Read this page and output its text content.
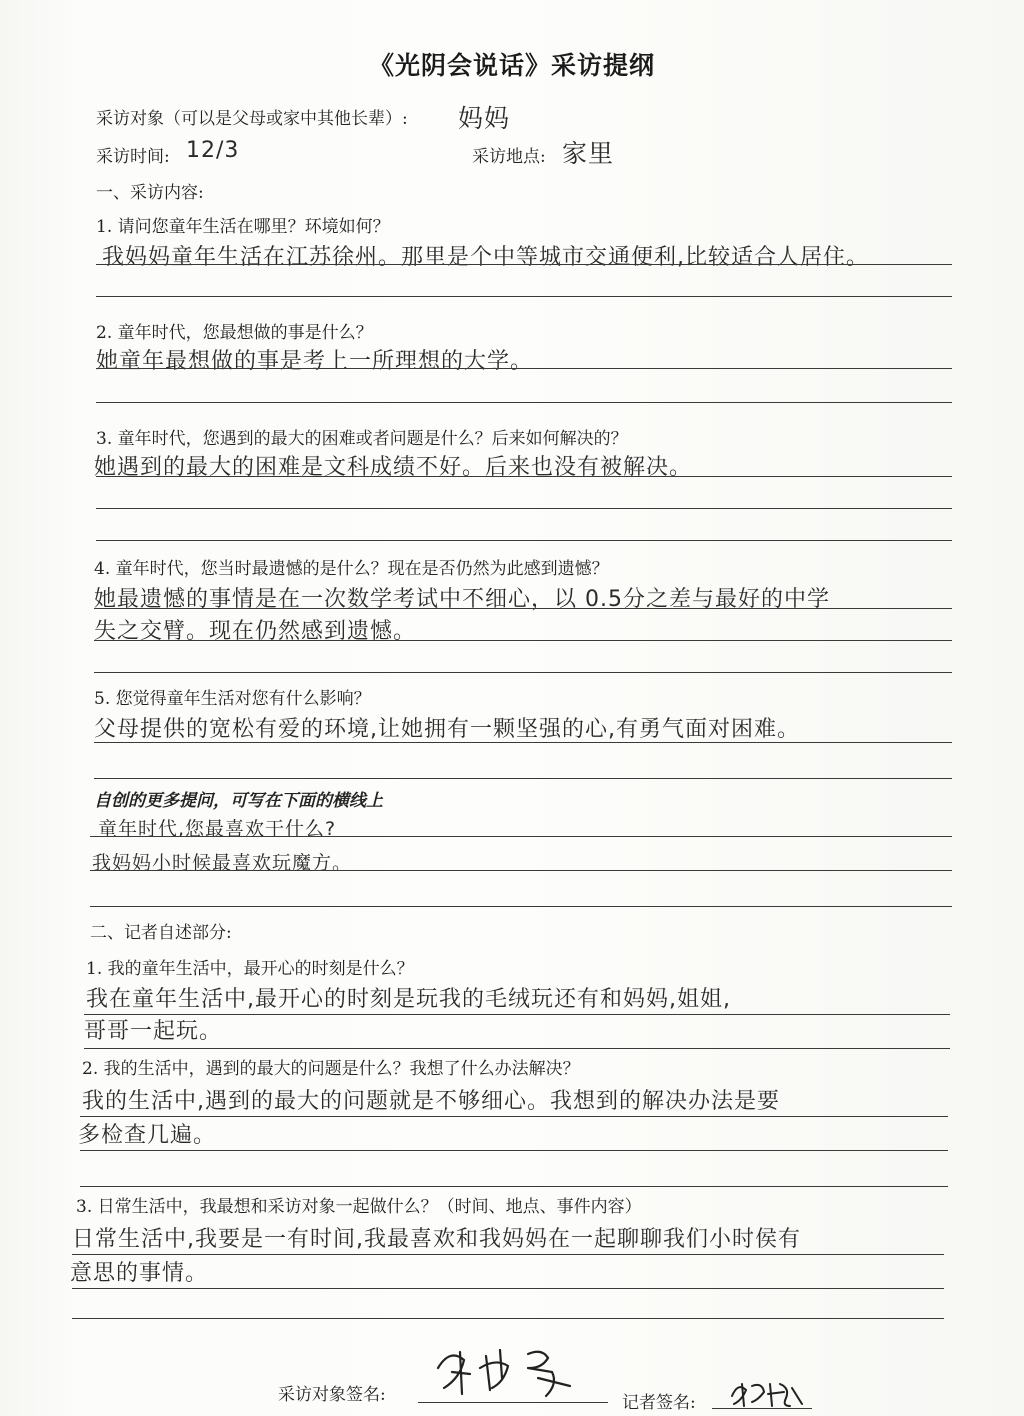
《光阴会说话》采访提纲
采访对象（可以是父母或家中其他长辈）: 妈妈
采访时间: 12/3	采访地点: 家里
一、采访内容:
1. 请问您童年生活在哪里？环境如何？
我妈妈童年生活在江苏徐州。那里是个中等城市交通便利,比较适合人居住。
2. 童年时代，您最想做的事是什么？
她童年最想做的事是考上一所理想的大学。
3. 童年时代，您遇到的最大的困难或者问题是什么？后来如何解决的？
她遇到的最大的困难是文科成绩不好。后来也没有被解决。
4. 童年时代，您当时最遗憾的是什么？现在是否仍然为此感到遗憾？
她最遗憾的事情是在一次数学考试中不细心，以 0.5分之差与最好的中学
失之交臂。现在仍然感到遗憾。
5. 您觉得童年生活对您有什么影响？
父母提供的宽松有爱的环境,让她拥有一颗坚强的心,有勇气面对困难。
自创的更多提问，可写在下面的横线上
童年时代,您最喜欢干什么?
我妈妈小时候最喜欢玩魔方。
二、记者自述部分:
1. 我的童年生活中，最开心的时刻是什么？
我在童年生活中,最开心的时刻是玩我的毛绒玩还有和妈妈,姐姐,
哥哥一起玩。
2. 我的生活中，遇到的最大的问题是什么？我想了什么办法解决？
我的生活中,遇到的最大的问题就是不够细心。我想到的解决办法是要
多检查几遍。
3. 日常生活中，我最想和采访对象一起做什么？（时间、地点、事件内容）
日常生活中,我要是一有时间,我最喜欢和我妈妈在一起聊聊我们小时侯有
意思的事情。
采访对象签名:	记者签名:
